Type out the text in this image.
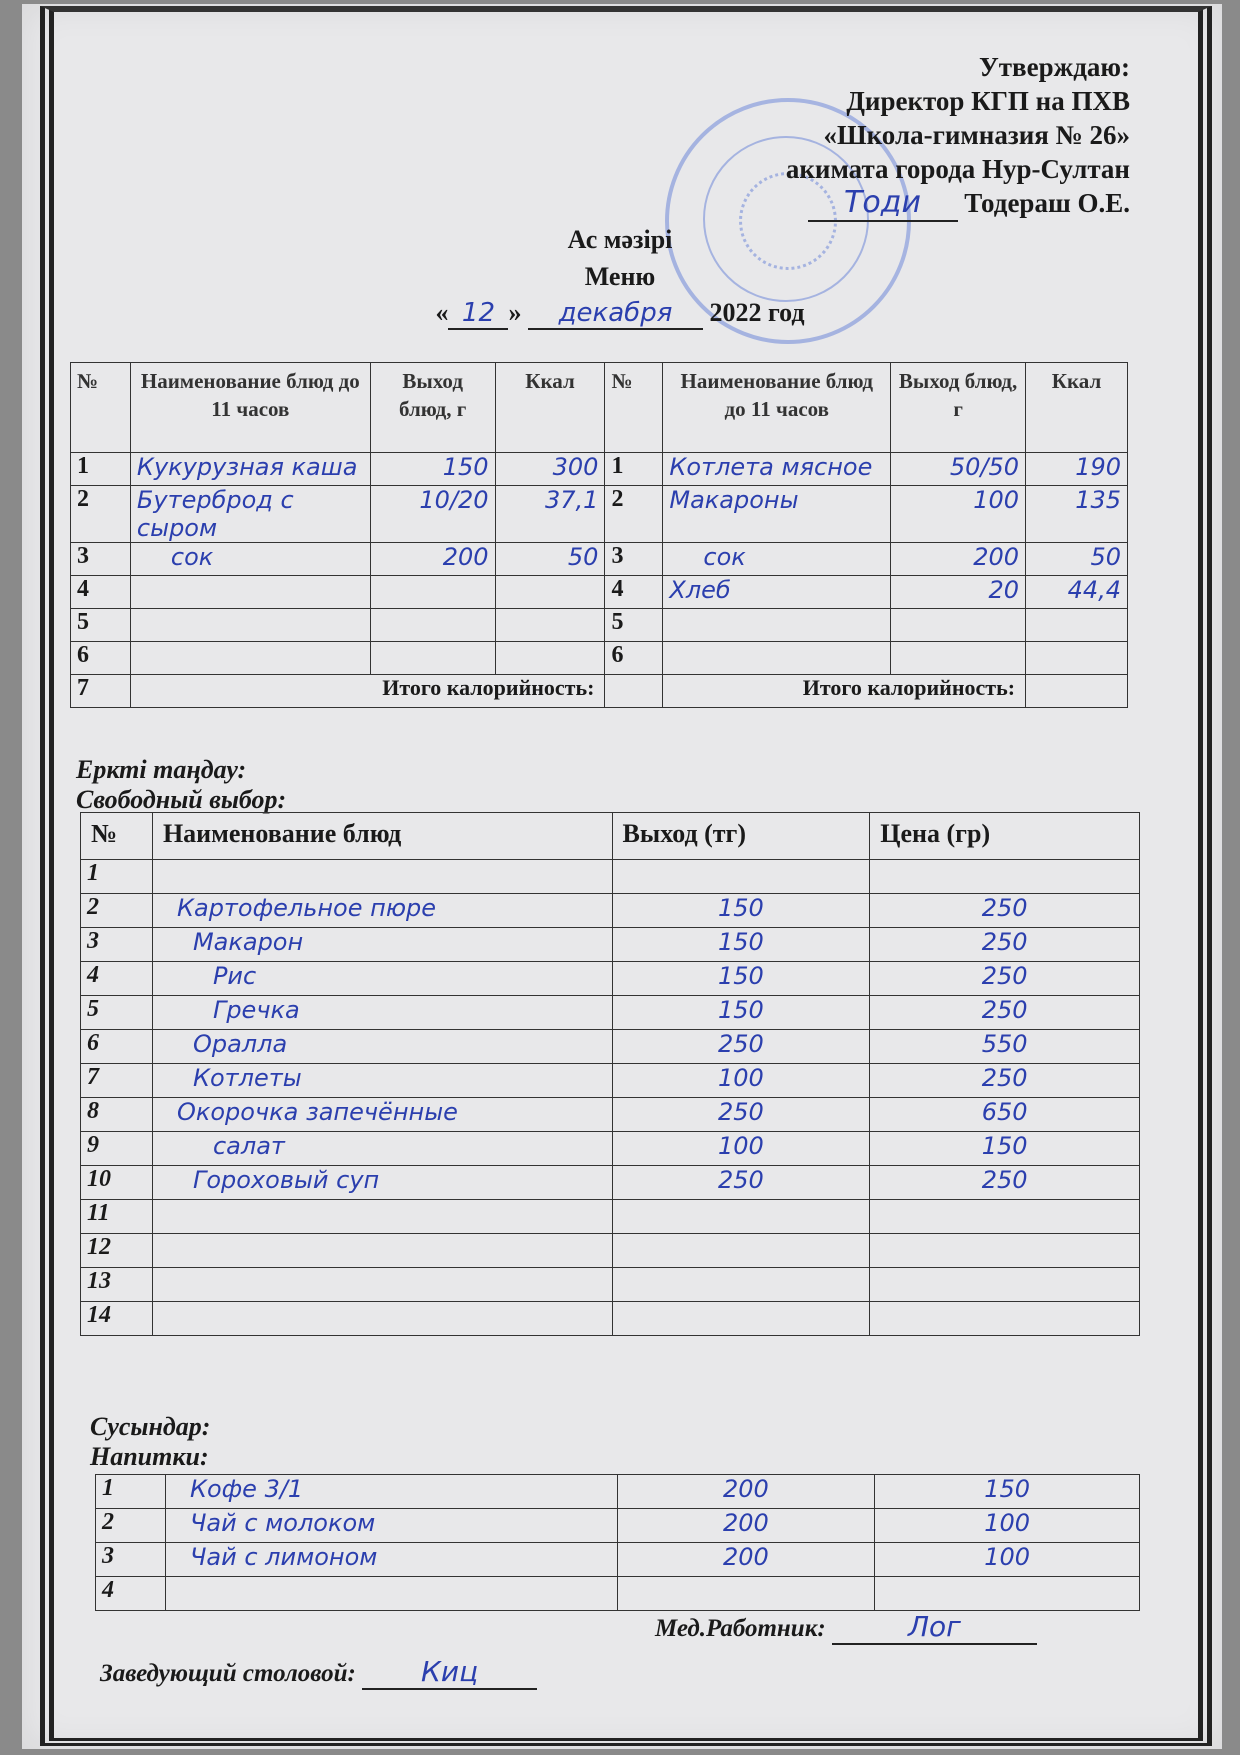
Утверждаю:
Директор КГП на ПХВ
«Школа-гимназия № 26»
акимата города Нур-Султан
Тоди Тодераш О.Е.
Ас мәзірі
Меню
« 12 » декабря 2022 год
№	Наименование блюд до 11 часов	Выход блюд, г	Ккал	№	Наименование блюд до 11 часов	Выход блюд, г	Ккал
1	Кукурузная каша	150	300	1	Котлета мясное	50/50	190
2	Бутерброд с сыром	10/20	37,1	2	Макароны	100	135
3	сок	200	50	3	сок	200	50
4				4	Хлеб	20	44,4
5				5			
6				6			
7	Итого калорийность:				Итого калорийность:		
Еркті таңдау:
Свободный выбор:
№	Наименование блюд	Выход (тг)	Цена (гр)
1			
2	Картофельное пюре	150	250
3	Макарон	150	250
4	Рис	150	250
5	Гречка	150	250
6	Оралла	250	550
7	Котлеты	100	250
8	Окорочка запечённые	250	650
9	салат	100	150
10	Гороховый суп	250	250
11			
12			
13			
14			
Сусындар:
Напитки:
1	Кофе 3/1	200	150
2	Чай с молоком	200	100
3	Чай с лимоном	200	100
4			
Заведующий столовой: Киц
Мед.Работник:	Лог
